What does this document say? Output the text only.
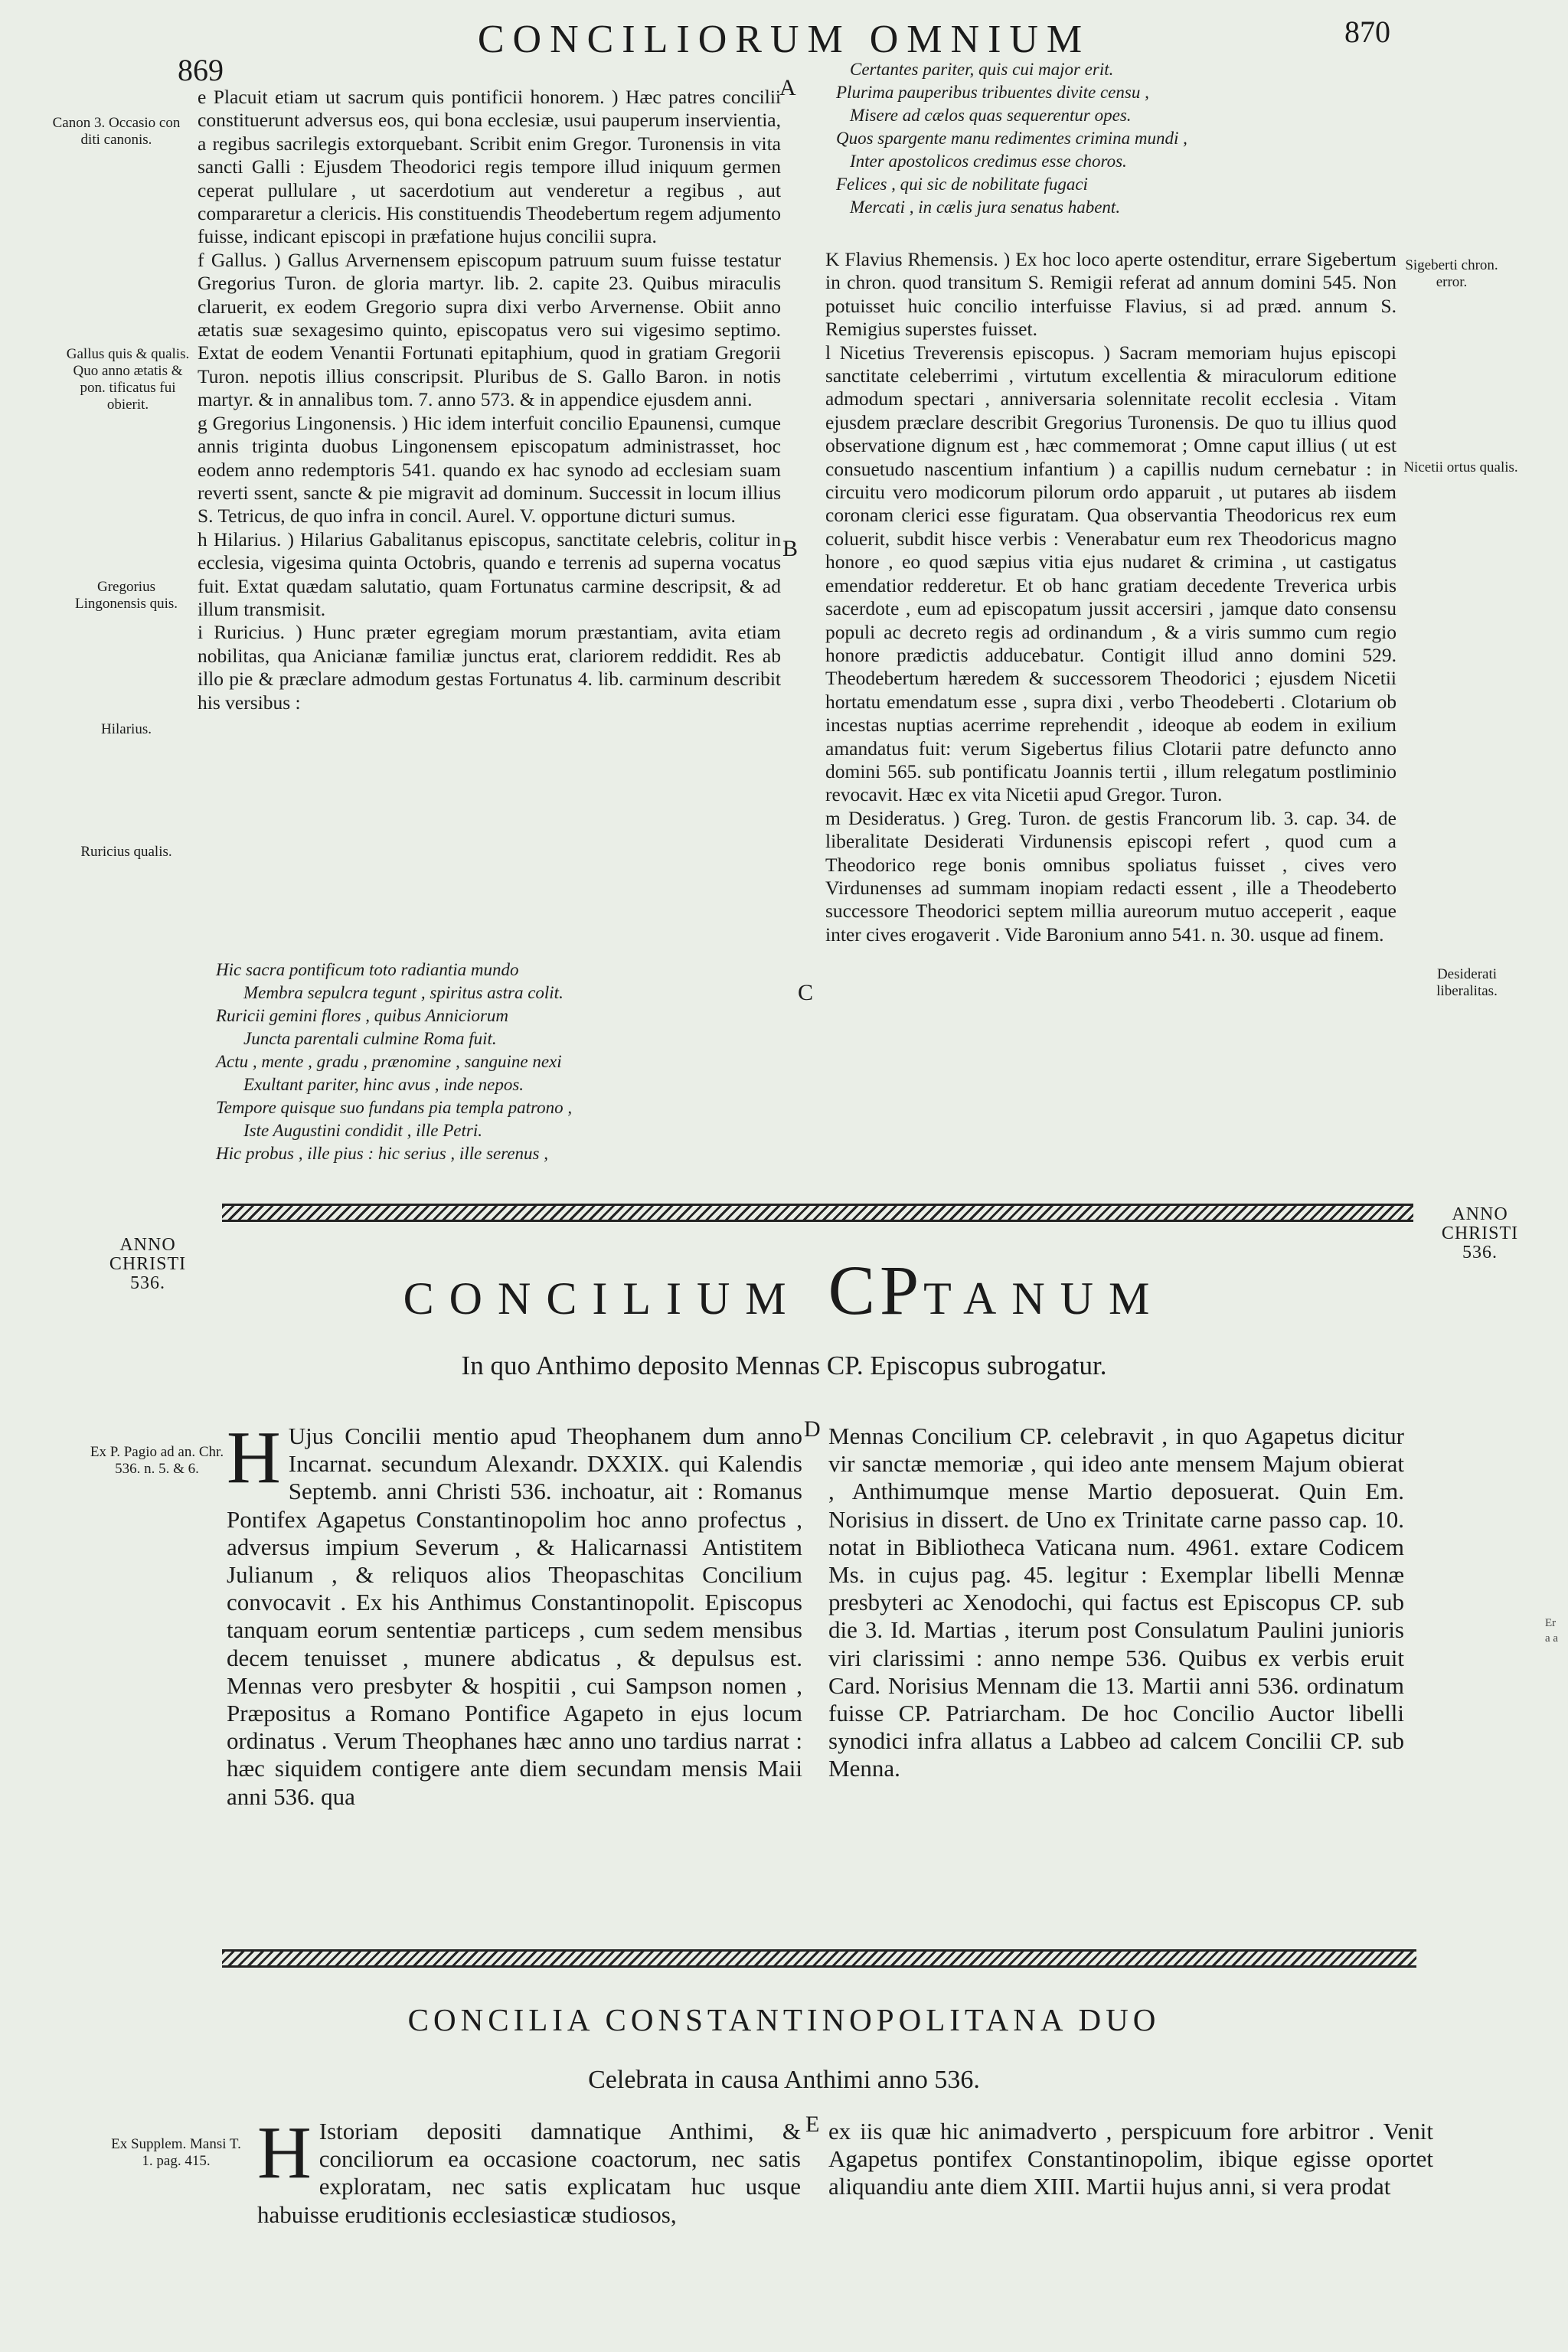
869
CONCILIORUM OMNIUM	870
Canon 3. Occasio con diti canonis.
Gallus quis & qualis. Quo anno ætatis & pon. tificatus fui obierit.
Gregorius Lingonensis quis.
Hilarius.
Ruricius qualis.

e Placuit etiam ut sacrum quis pontificii honorem. ) Hæc patres concilii constituerunt adversus eos, qui bona ecclesiæ, usui pauperum inservientia, a regibus sacrilegis extorquebant. Scribit enim Gregor. Turonensis in vita sancti Galli : Ejusdem Theodorici regis tempore illud iniquum germen ceperat pullulare , ut sacerdotium aut venderetur a regibus , aut compararetur a clericis. His constituendis Theodebertum regem adjumento fuisse, indicant episcopi in præfatione hujus concilii supra.

f Gallus. ) Gallus Arvernensem episcopum patruum suum fuisse testatur Gregorius Turon. de gloria martyr. lib. 2. capite 23. Quibus miraculis claruerit, ex eodem Gregorio supra dixi verbo Arvernense. Obiit anno ætatis suæ sexagesimo quinto, episcopatus vero sui vigesimo septimo. Extat de eodem Venantii Fortunati epitaphium, quod in gratiam Gregorii Turon. nepotis illius conscripsit. Pluribus de S. Gallo Baron. in notis martyr. & in annalibus tom. 7. anno 573. & in appendice ejusdem anni.

g Gregorius Lingonensis. ) Hic idem interfuit concilio Epaunensi, cumque annis triginta duobus Lingonensem episcopatum administrasset, hoc eodem anno redemptoris 541. quando ex hac synodo ad ecclesiam suam reverti ssent, sancte & pie migravit ad dominum. Successit in locum illius S. Tetricus, de quo infra in concil. Aurel. V. opportune dicturi sumus.

h Hilarius. ) Hilarius Gabalitanus episcopus, sanctitate celebris, colitur in ecclesia, vigesima quinta Octobris, quando e terrenis ad superna vocatus fuit. Extat quædam salutatio, quam Fortunatus carmine descripsit, & ad illum transmisit.

i Ruricius. ) Hunc præter egregiam morum præstantiam, avita etiam nobilitas, qua Anicianæ familiæ junctus erat, clariorem reddidit. Res ab illo pie & præclare admodum gestas Fortunatus 4. lib. carminum describit his versibus :

Hic sacra pontificum toto radiantia mundo
Membra sepulcra tegunt , spiritus astra colit.
Ruricii gemini flores , quibus Anniciorum
Juncta parentali culmine Roma fuit.
Actu , mente , gradu , prænomine , sanguine nexi
Exultant pariter, hinc avus , inde nepos.
Tempore quisque suo fundans pia templa patrono ,
Iste Augustini condidit , ille Petri.
Hic probus , ille pius : hic serius , ille serenus ,
A
B
C
Certantes pariter, quis cui major erit.
Plurima pauperibus tribuentes divite censu ,
Misere ad cælos quas sequerentur opes.
Quos spargente manu redimentes crimina mundi ,
Inter apostolicos credimus esse choros.
Felices , qui sic de nobilitate fugaci
Mercati , in cælis jura senatus habent.

K Flavius Rhemensis. ) Ex hoc loco aperte ostenditur, errare Sigebertum in chron. quod transitum S. Remigii referat ad annum domini 545. Non potuisset huic concilio interfuisse Flavius, si ad præd. annum S. Remigius superstes fuisset.

l Nicetius Treverensis episcopus. ) Sacram memoriam hujus episcopi sanctitate celeberrimi , virtutum excellentia & miraculorum editione admodum spectari , anniversaria solennitate recolit ecclesia . Vitam ejusdem præclare describit Gregorius Turonensis. De quo tu illius quod observatione dignum est , hæc commemorat ; Omne caput illius ( ut est consuetudo nascentium infantium ) a capillis nudum cernebatur : in circuitu vero modicorum pilorum ordo apparuit , ut putares ab iisdem coronam clerici esse figuratam. Qua observantia Theodoricus rex eum coluerit, subdit hisce verbis : Venerabatur eum rex Theodoricus magno honore , eo quod sæpius vitia ejus nudaret & crimina , ut castigatus emendatior redderetur. Et ob hanc gratiam decedente Treverica urbis sacerdote , eum ad episcopatum jussit accersiri , jamque dato consensu populi ac decreto regis ad ordinandum , & a viris summo cum regio honore prædictis adducebatur. Contigit illud anno domini 529. Theodebertum hæredem & successorem Theodorici ; ejusdem Nicetii hortatu emendatum esse , supra dixi , verbo Theodeberti . Clotarium ob incestas nuptias acerrime reprehendit , ideoque ab eodem in exilium amandatus fuit: verum Sigebertus filius Clotarii patre defuncto anno domini 565. sub pontificatu Joannis tertii , illum relegatum postliminio revocavit. Hæc ex vita Nicetii apud Gregor. Turon.

m Desideratus. ) Greg. Turon. de gestis Francorum lib. 3. cap. 34. de liberalitate Desiderati Virdunensis episcopi refert , quod cum a Theodorico rege bonis omnibus spoliatus fuisset , cives vero Virdunenses ad summam inopiam redacti essent , ille a Theodeberto successore Theodorici septem millia aureorum mutuo acceperit , eaque inter cives erogaverit . Vide Baronium anno 541. n. 30. usque ad finem.

Sigeberti chron. error.
Nicetii ortus qualis.
Desiderati liberalitas.
ANNO CHRISTI 536.
ANNO CHRISTI 536.
CONCILIUM CPTANUM
In quo Anthimo deposito Mennas CP. Episcopus subrogatur.
Ex P. Pagio ad an. Chr. 536. n. 5. & 6. H Ujus Concilii mentio apud Theophanem dum anno Incarnat. secundum Alexandr. DXXIX. qui Kalendis Septemb. anni Christi 536. inchoatur, ait : Romanus Pontifex Agapetus Constantinopolim hoc anno profectus , adversus impium Severum , & Halicarnassi Antistitem Julianum , & reliquos alios Theopaschitas Concilium convocavit . Ex his Anthimus Constantinopolit. Episcopus tanquam eorum sententiæ particeps , cum sedem mensibus decem tenuisset , munere abdicatus , & depulsus est. Mennas vero presbyter & hospitii , cui Sampson nomen , Præpositus a Romano Pontifice Agapeto in ejus locum ordinatus . Verum Theophanes hæc anno uno tardius narrat : hæc siquidem contigere ante diem secundam mensis Maii anni 536. qua
D Mennas Concilium CP. celebravit , in quo Agapetus dicitur vir sanctæ memoriæ , qui ideo ante mensem Majum obierat , Anthimumque mense Martio deposuerat. Quin Em. Norisius in dissert. de Uno ex Trinitate carne passo cap. 10. notat in Bibliotheca Vaticana num. 4961. extare Codicem Ms. in cujus pag. 45. legitur : Exemplar libelli Mennæ presbyteri ac Xenodochi, qui factus est Episcopus CP. sub die 3. Id. Martias , iterum post Consulatum Paulini junioris viri clarissimi : anno nempe 536. Quibus ex verbis eruit Card. Norisius Mennam die 13. Martii anni 536. ordinatum fuisse CP. Patriarcham. De hoc Concilio Auctor libelli synodici infra allatus a Labbeo ad calcem Concilii CP. sub Menna.
CONCILIA CONSTANTINOPOLITANA DUO
Celebrata in causa Anthimi anno 536.
Ex Supplem. Mansi T. 1. pag. 415. H Istoriam depositi damnatique Anthimi, & conciliorum ea occasione coactorum, nec satis exploratam, nec satis explicatam huc usque habuisse eruditionis ecclesiasticæ studiosos,
E ex iis quæ hic animadverto , perspicuum fore arbitror . Venit Agapetus pontifex Constantinopolim, ibique egisse oportet aliquandiu ante diem XIII. Martii hujus anni, si vera prodat
Er a a
